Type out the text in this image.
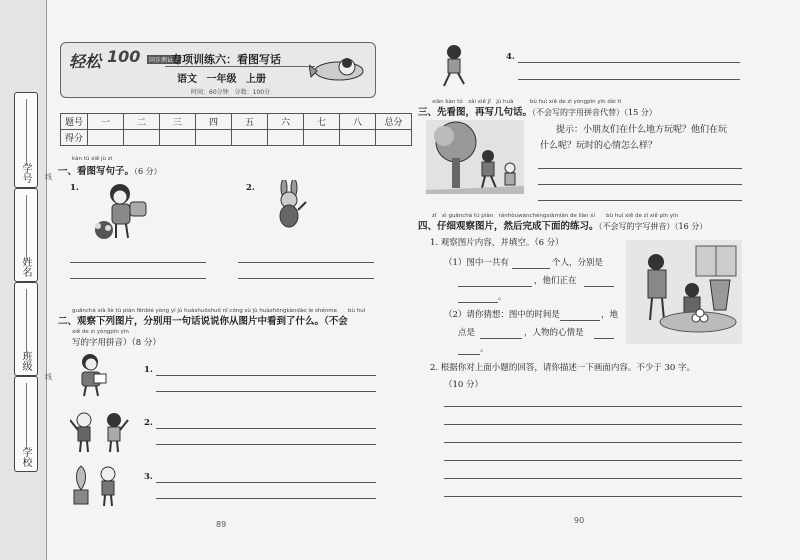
学号
姓名
班级
学校
线
线
轻松 100	同步测试卷
专项训练六：看图写话
语文 一年级 上册
时间：60分钟　分数：100分
题号	一	二	三	四	五	六	七	八	总分
得分									
kàn tú xiě jù zi
一、看图写句子。（6 分）
1.	2.
guānchá xià liè tú piàn fēnbié yòng yí jù huàshuōshuō nǐ cóng sù jù huàzhōngkàndào le shénme　　bù huì
二、观察下列图片，分别用一句话说说你从图片中看到了什么。（不会
xiě de zì yòngpīn yīn
写的字用拼音）（8 分）
1.
2.
3.
89
4.
xiān kàn tú　zài xiě jǐ　jù huà　　　bù huì xiě de zì yòngpīn yīn dài tì
三、先看图，再写几句话。（不会写的字用拼音代替）（15 分）
提示：小朋友们在什么地方玩呢？他们在玩
什么呢？玩时的心情怎么样？
zǐ　xì guānchá tú piàn　ránhòuwánchéngxiàmiàn de liàn xí　　bù huì xiě de zì xiě pīn yīn
四、仔细观察图片，然后完成下面的练习。（不会写的字写拼音）（16 分）
1. 观察图片内容，并填空。（6 分）
（1）图中一共有	个人，分别是
，他们正在
。
（2）请你猜想：图中的时间是	，地
点是	，人物的心情是
。
2. 根据你对上面小题的回答，请你描述一下画面内容。不少于 30 字。
（10 分）
90
